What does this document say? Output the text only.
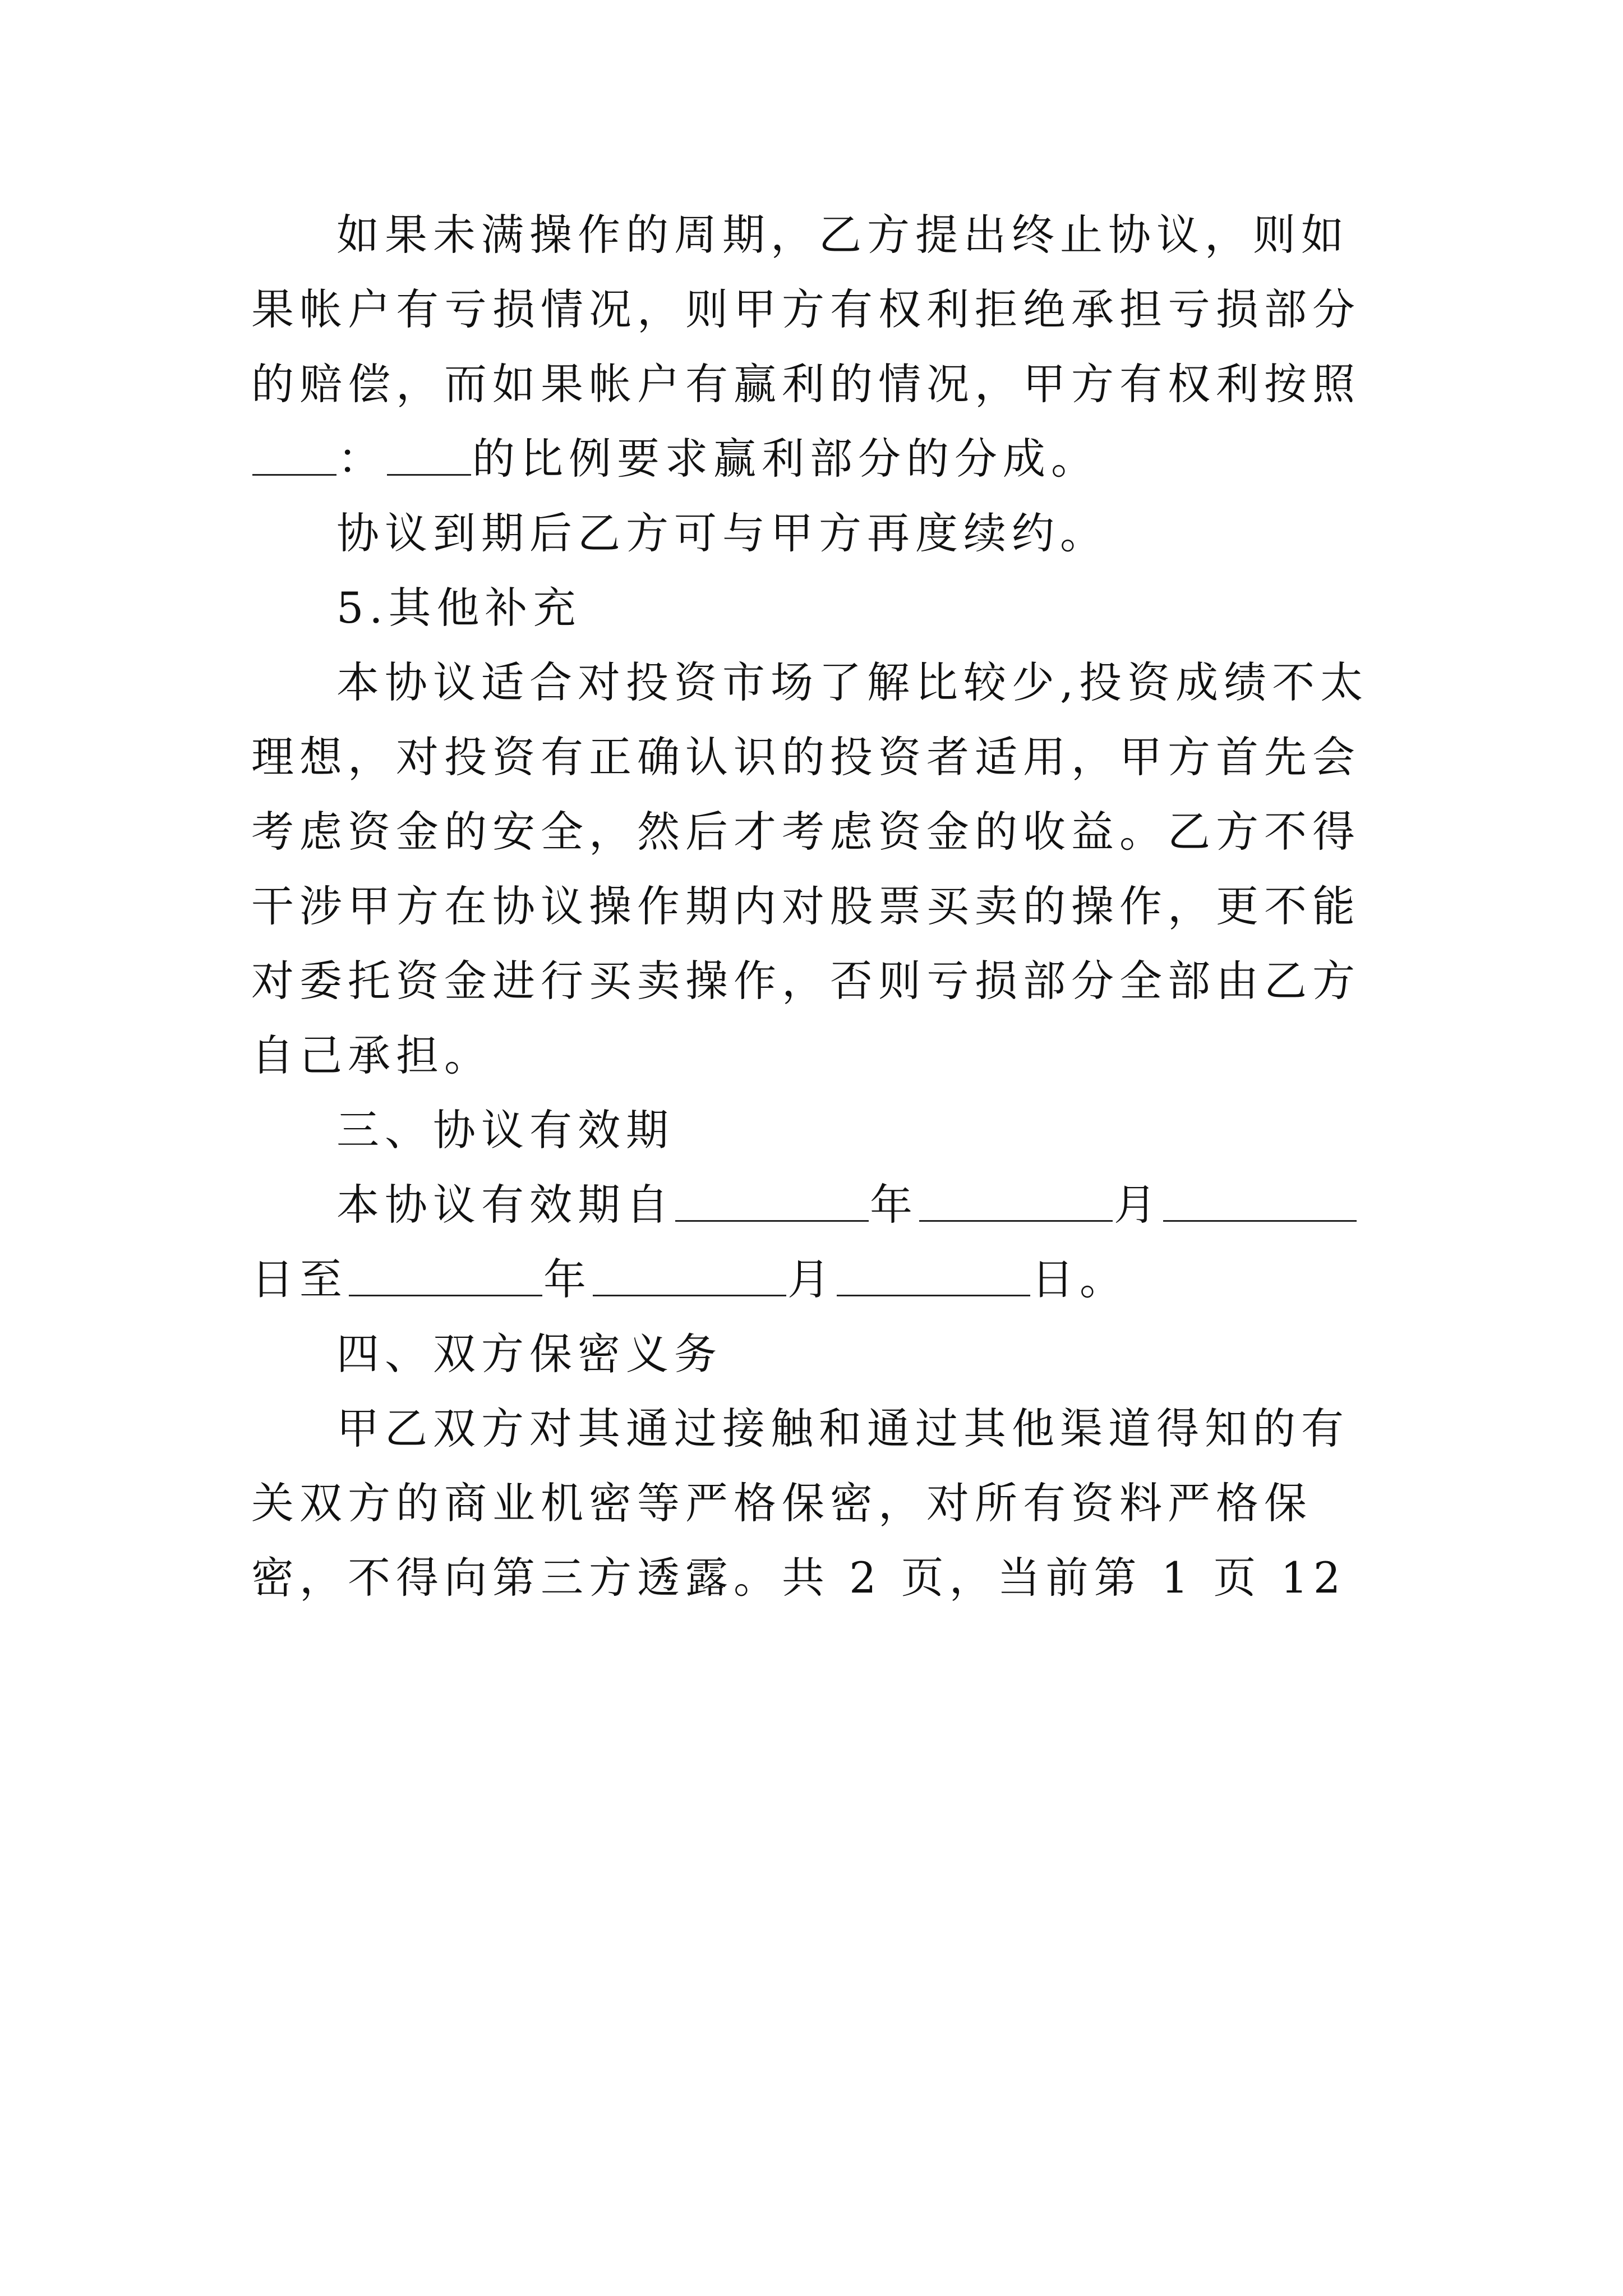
如果未满操作的周期，乙方提出终止协议，则如果帐户有亏损情况，则甲方有权利拒绝承担亏损部分的赔偿，而如果帐户有赢利的情况，甲方有权利按照： 的比例要求赢利部分的分成。

协议到期后乙方可与甲方再度续约。

5.其他补充

本协议适合对投资市场了解比较少,投资成绩不太理想，对投资有正确认识的投资者适用，甲方首先会考虑资金的安全，然后才考虑资金的收益。乙方不得干涉甲方在协议操作期内对股票买卖的操作，更不能对委托资金进行买卖操作，否则亏损部分全部由乙方自己承担。

三、协议有效期

本协议有效期自	年	月日至	年	月	日。

四、双方保密义务

甲乙双方对其通过接触和通过其他渠道得知的有关双方的商业机密等严格保密，对所有资料严格保密，不得向第三方透露。共 2 页，当前第 1 页 12
